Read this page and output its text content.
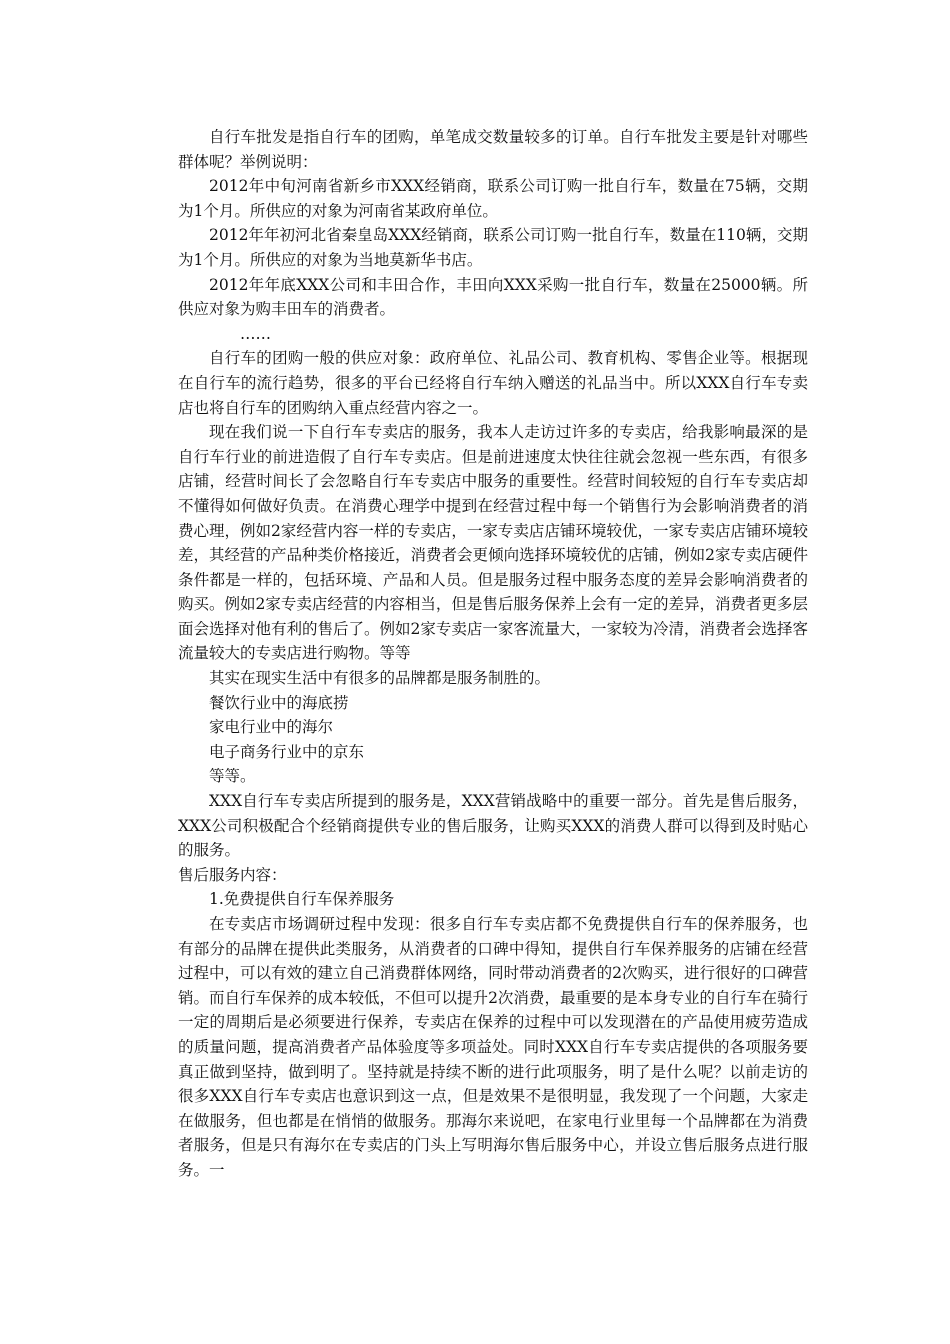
自行车批发是指自行车的团购，单笔成交数量较多的订单。自行车批发主要是针对哪些群体呢？举例说明：

2012年中旬河南省新乡市XXX经销商，联系公司订购一批自行车，数量在75辆，交期为1个月。所供应的对象为河南省某政府单位。

2012年年初河北省秦皇岛XXX经销商，联系公司订购一批自行车，数量在110辆，交期为1个月。所供应的对象为当地莫新华书店。

2012年年底XXX公司和丰田合作，丰田向XXX采购一批自行车，数量在25000辆。所供应对象为购丰田车的消费者。

……

自行车的团购一般的供应对象：政府单位、礼品公司、教育机构、零售企业等。根据现在自行车的流行趋势，很多的平台已经将自行车纳入赠送的礼品当中。所以XXX自行车专卖店也将自行车的团购纳入重点经营内容之一。

现在我们说一下自行车专卖店的服务，我本人走访过许多的专卖店，给我影响最深的是自行车行业的前进造假了自行车专卖店。但是前进速度太快往往就会忽视一些东西，有很多店铺，经营时间长了会忽略自行车专卖店中服务的重要性。经营时间较短的自行车专卖店却不懂得如何做好负责。在消费心理学中提到在经营过程中每一个销售行为会影响消费者的消费心理，例如2家经营内容一样的专卖店，一家专卖店店铺环境较优，一家专卖店店铺环境较差，其经营的产品种类价格接近，消费者会更倾向选择环境较优的店铺，例如2家专卖店硬件条件都是一样的，包括环境、产品和人员。但是服务过程中服务态度的差异会影响消费者的购买。例如2家专卖店经营的内容相当，但是售后服务保养上会有一定的差异，消费者更多层面会选择对他有利的售后了。例如2家专卖店一家客流量大，一家较为冷清，消费者会选择客流量较大的专卖店进行购物。等等

其实在现实生活中有很多的品牌都是服务制胜的。

餐饮行业中的海底捞

家电行业中的海尔

电子商务行业中的京东

等等。

XXX自行车专卖店所提到的服务是，XXX营销战略中的重要一部分。首先是售后服务，XXX公司积极配合个经销商提供专业的售后服务，让购买XXX的消费人群可以得到及时贴心的服务。

售后服务内容：

1.免费提供自行车保养服务

在专卖店市场调研过程中发现：很多自行车专卖店都不免费提供自行车的保养服务，也有部分的品牌在提供此类服务，从消费者的口碑中得知，提供自行车保养服务的店铺在经营过程中，可以有效的建立自己消费群体网络，同时带动消费者的2次购买，进行很好的口碑营销。而自行车保养的成本较低，不但可以提升2次消费，最重要的是本身专业的自行车在骑行一定的周期后是必须要进行保养，专卖店在保养的过程中可以发现潜在的产品使用疲劳造成的质量问题，提高消费者产品体验度等多项益处。同时XXX自行车专卖店提供的各项服务要真正做到坚持，做到明了。坚持就是持续不断的进行此项服务，明了是什么呢？以前走访的很多XXX自行车专卖店也意识到这一点，但是效果不是很明显，我发现了一个问题，大家走在做服务，但也都是在悄悄的做服务。那海尔来说吧，在家电行业里每一个品牌都在为消费者服务，但是只有海尔在专卖店的门头上写明海尔售后服务中心，并设立售后服务点进行服务。一
